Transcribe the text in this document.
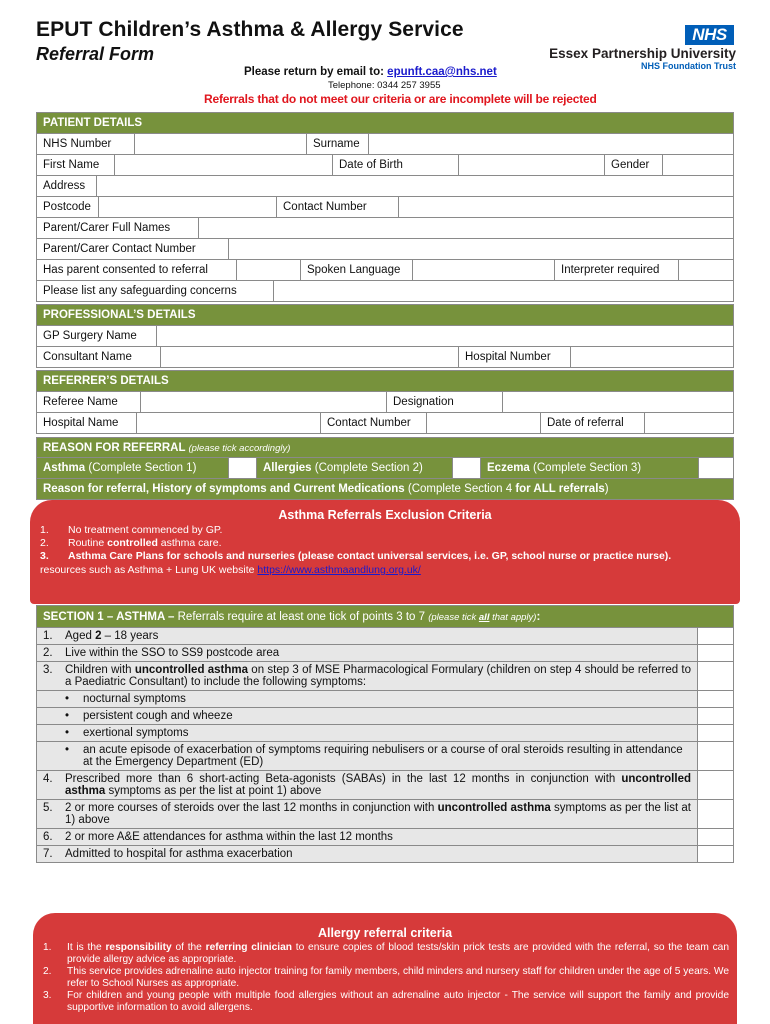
EPUT Children’s Asthma & Allergy Service
Referral Form
NHS
Essex Partnership University
NHS Foundation Trust
Please return by email to: epunft.caa@nhs.net
Telephone: 0344 257 3955
Referrals that do not meet our criteria or are incomplete will be rejected
PATIENT DETAILS
NHS Number		Surname	
First Name		Date of Birth		Gender	
Address	
Postcode		Contact Number	
Parent/Carer Full Names	
Parent/Carer Contact Number	
Has parent consented to referral		Spoken Language		Interpreter required	
Please list any safeguarding concerns	
PROFESSIONAL’S DETAILS
GP Surgery Name	
Consultant Name		Hospital Number	
REFERRER’S DETAILS
Referee Name		Designation	
Hospital Name		Contact Number		Date of referral	
REASON FOR REFERRAL (please tick accordingly)
Asthma (Complete Section 1)		Allergies (Complete Section 2)		Eczema (Complete Section 3)	
Reason for referral, History of symptoms and Current Medications (Complete Section 4 for ALL referrals)
Asthma Referrals Exclusion Criteria
1. No treatment commenced by GP.
2. Routine controlled asthma care.
3. Asthma Care Plans for schools and nurseries (please contact universal services, i.e. GP, school nurse or practice nurse).
resources such as Asthma + Lung UK website https://www.asthmaandlung.org.uk/
SECTION 1 – ASTHMA – Referrals require at least one tick of points 3 to 7 (please tick all that apply):	

1. Aged 2 – 18 years	

2. Live within the SSO to SS9 postcode area	

3. Children with uncontrolled asthma on step 3 of MSE Pharmacological Formulary (children on step 4 should be referred to a Paediatric Consultant) to include the following symptoms:	

• nocturnal symptoms	

• persistent cough and wheeze	

• exertional symptoms	

• an acute episode of exacerbation of symptoms requiring nebulisers or a course of oral steroids resulting in attendance at the Emergency Department (ED)	

4. Prescribed more than 6 short-acting Beta-agonists (SABAs) in the last 12 months in conjunction with uncontrolled asthma symptoms as per the list at point 1) above	

5. 2 or more courses of steroids over the last 12 months in conjunction with uncontrolled asthma symptoms as per the list at 1) above	

6. 2 or more A&E attendances for asthma within the last 12 months	

7. Admitted to hospital for asthma exacerbation	

Allergy referral criteria
1.	It is the responsibility of the referring clinician to ensure copies of blood tests/skin prick tests are provided with the referral, so the team can provide allergy advice as appropriate.
2.	This service provides adrenaline auto injector training for family members, child minders and nursery staff for children under the age of 5 years. We refer to School Nurses as appropriate.
3.	For children and young people with multiple food allergies without an adrenaline auto injector - The service will support the family and provide supportive information to avoid allergens.
